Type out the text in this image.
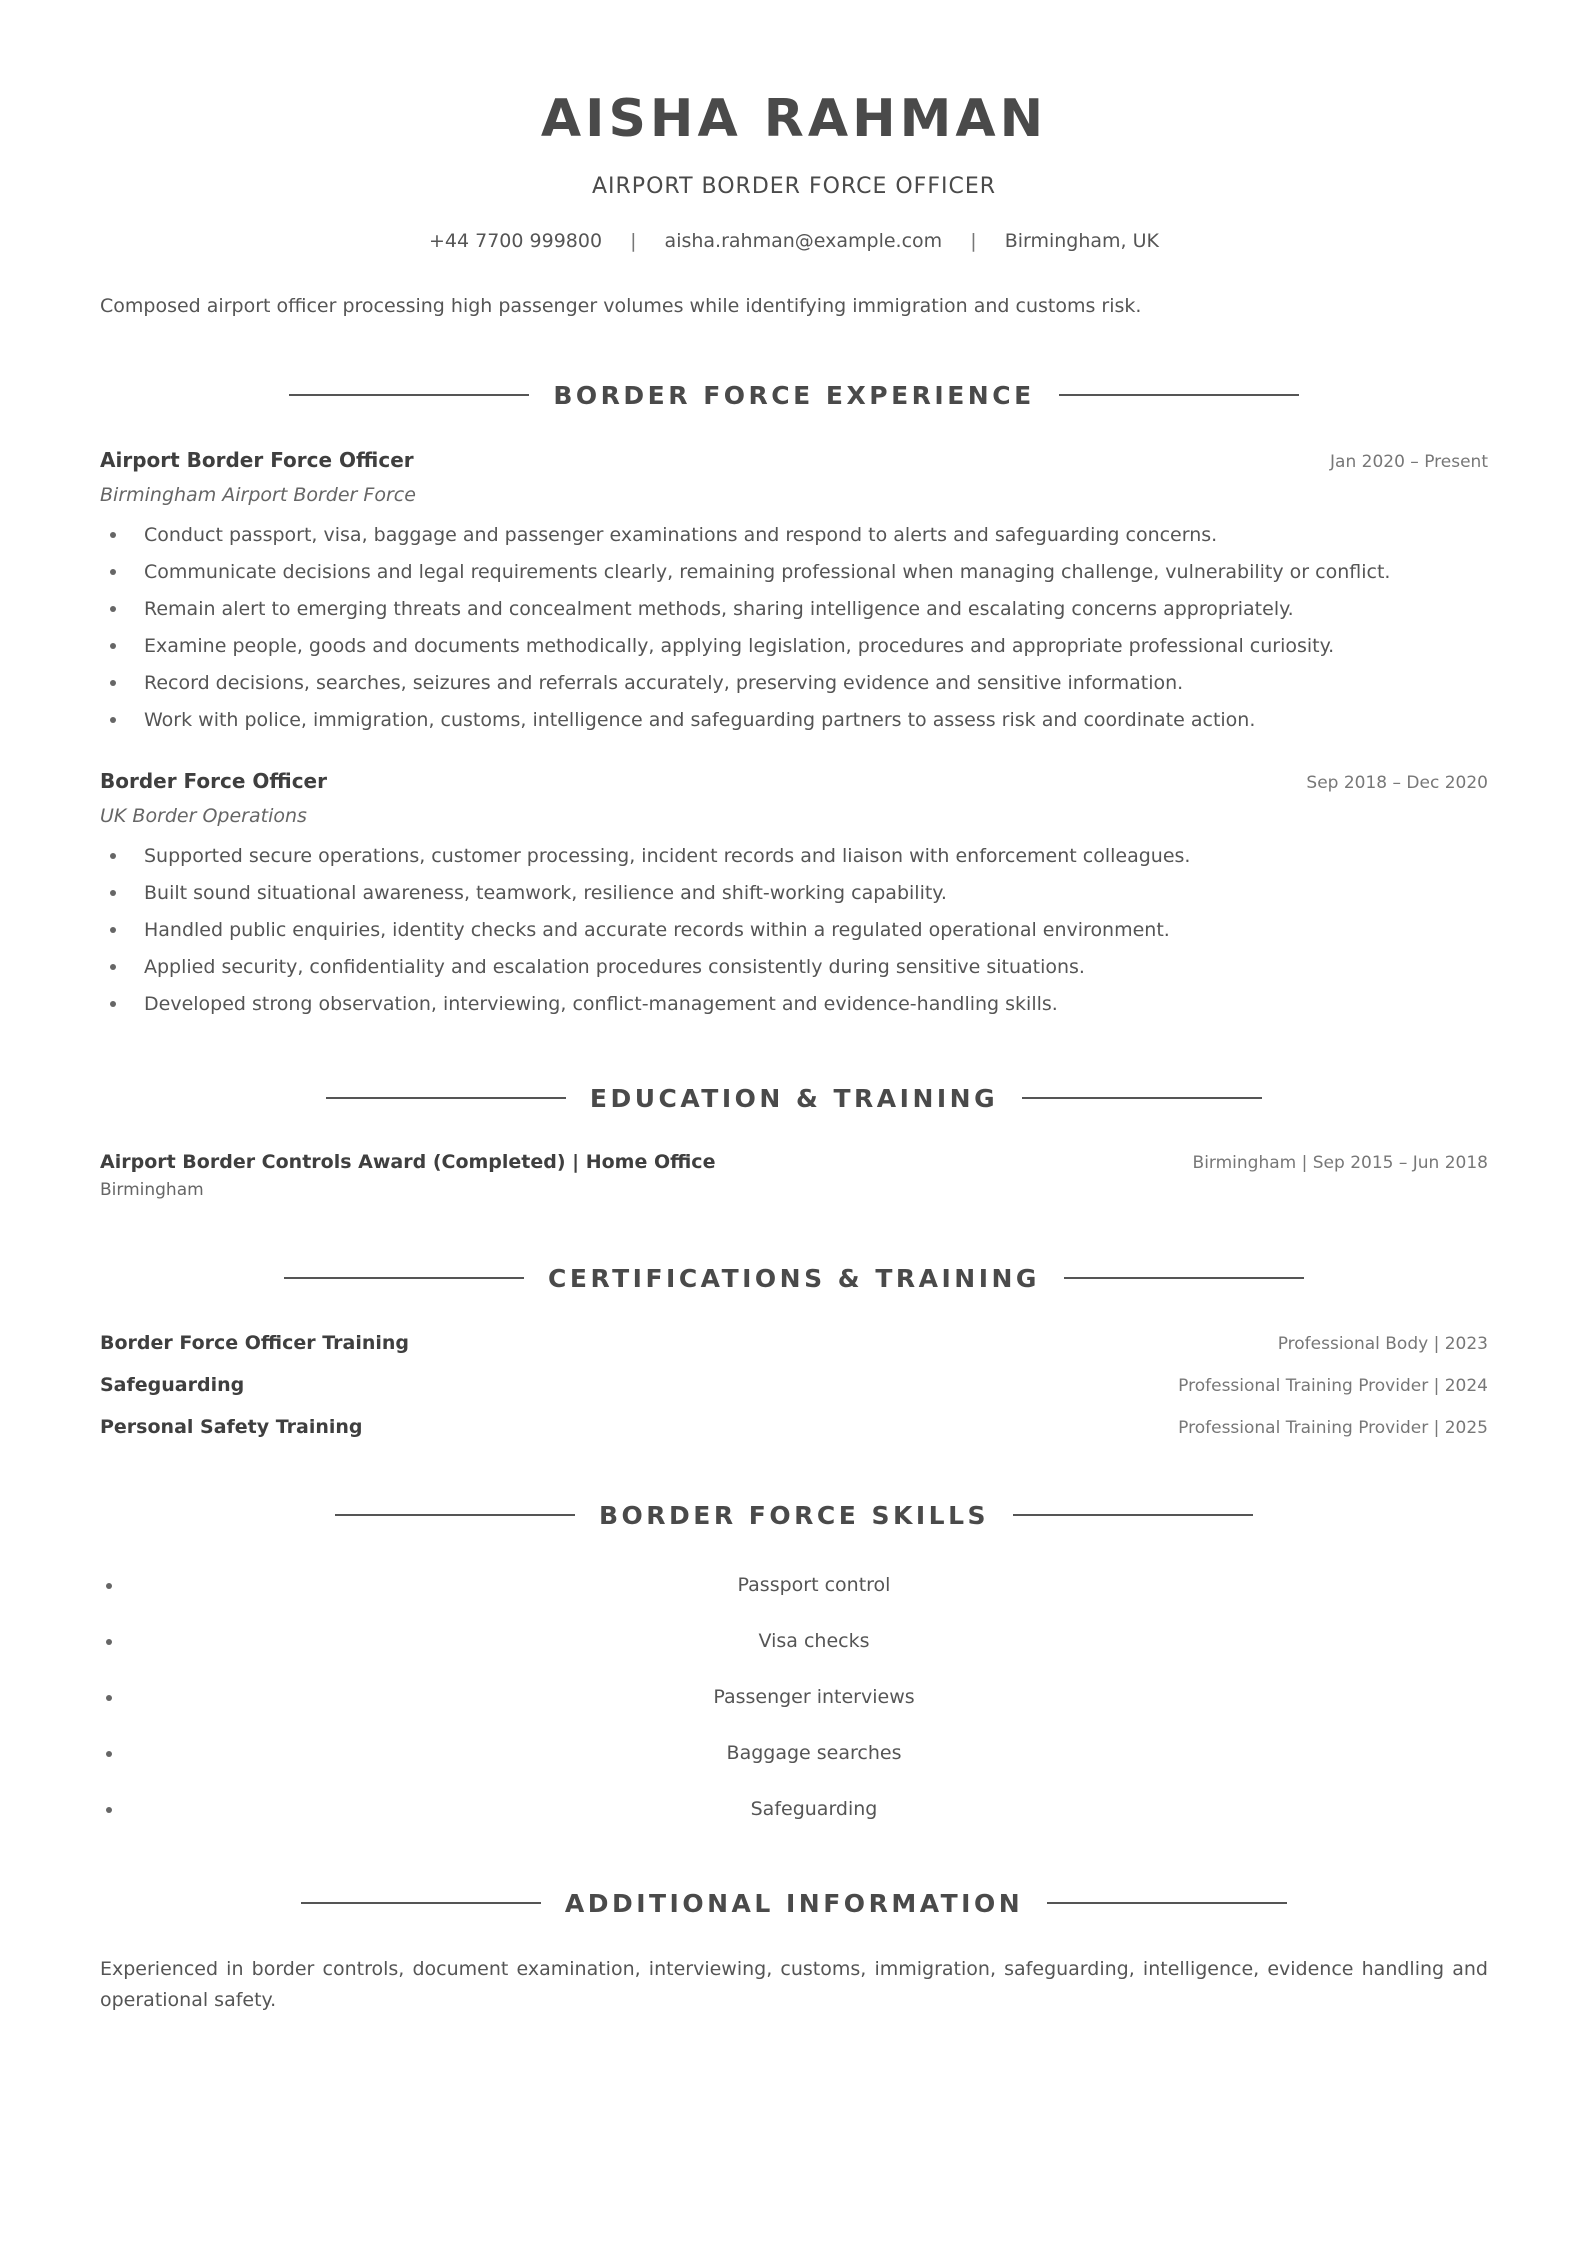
AISHA RAHMAN
AIRPORT BORDER FORCE OFFICER
+44 7700 999800 | aisha.rahman@example.com | Birmingham, UK
Composed airport officer processing high passenger volumes while identifying immigration and customs risk.
BORDER FORCE EXPERIENCE
Airport Border Force Officer	Jan 2020 – Present
Birmingham Airport Border Force
Conduct passport, visa, baggage and passenger examinations and respond to alerts and safeguarding concerns.
Communicate decisions and legal requirements clearly, remaining professional when managing challenge, vulnerability or conflict.
Remain alert to emerging threats and concealment methods, sharing intelligence and escalating concerns appropriately.
Examine people, goods and documents methodically, applying legislation, procedures and appropriate professional curiosity.
Record decisions, searches, seizures and referrals accurately, preserving evidence and sensitive information.
Work with police, immigration, customs, intelligence and safeguarding partners to assess risk and coordinate action.
Border Force Officer	Sep 2018 – Dec 2020
UK Border Operations
Supported secure operations, customer processing, incident records and liaison with enforcement colleagues.
Built sound situational awareness, teamwork, resilience and shift-working capability.
Handled public enquiries, identity checks and accurate records within a regulated operational environment.
Applied security, confidentiality and escalation procedures consistently during sensitive situations.
Developed strong observation, interviewing, conflict-management and evidence-handling skills.
EDUCATION & TRAINING
Airport Border Controls Award (Completed) | Home Office	Birmingham | Sep 2015 – Jun 2018
Birmingham
CERTIFICATIONS & TRAINING
Border Force Officer Training	Professional Body | 2023
Safeguarding	Professional Training Provider | 2024
Personal Safety Training	Professional Training Provider | 2025
BORDER FORCE SKILLS
Passport control
Visa checks
Passenger interviews
Baggage searches
Safeguarding
ADDITIONAL INFORMATION
Experienced in border controls, document examination, interviewing, customs, immigration, safeguarding, intelligence, evidence handling and operational safety.
